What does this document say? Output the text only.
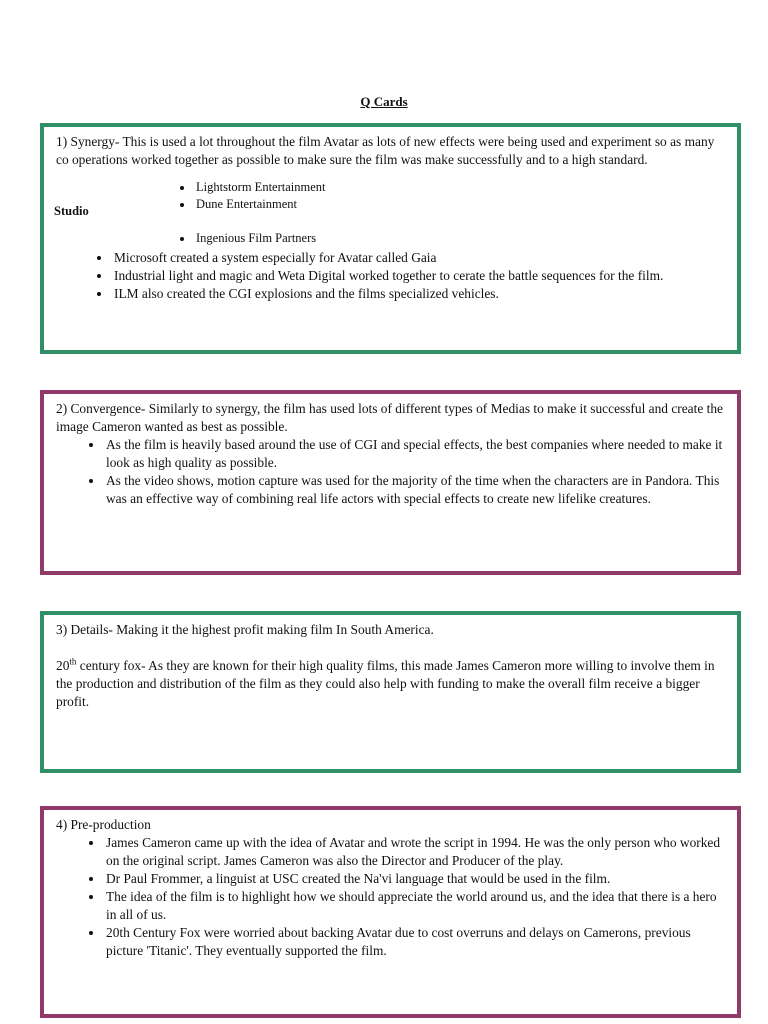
Q Cards

1) Synergy- This is used a lot throughout the film Avatar as lots of new effects were being used and experiment so as many co operations worked together as possible to make sure the film was make successfully and to a high standard.

Studio
• Lightstorm Entertainment
• Dune Entertainment
• Ingenious Film Partners
• Microsoft created a system especially for Avatar called Gaia
• Industrial light and magic and Weta Digital worked together to cerate the battle sequences for the film.
• ILM also created the CGI explosions and the films specialized vehicles.

2) Convergence- Similarly to synergy, the film has used lots of different types of Medias to make it successful and create the image Cameron wanted as best as possible.

• As the film is heavily based around the use of CGI and special effects, the best companies where needed to make it look as high quality as possible.
• As the video shows, motion capture was used for the majority of the time when the characters are in Pandora. This was an effective way of combining real life actors with special effects to create new lifelike creatures.

3) Details- Making it the highest profit making film In South America.

20th century fox- As they are known for their high quality films, this made James Cameron more willing to involve them in the production and distribution of the film as they could also help with funding to make the overall film receive a bigger profit.

4) Pre-production

• James Cameron came up with the idea of Avatar and wrote the script in 1994. He was the only person who worked on the original script. James Cameron was also the Director and Producer of the play.
• Dr Paul Frommer, a linguist at USC created the Na'vi language that would be used in the film.
• The idea of the film is to highlight how we should appreciate the world around us, and the idea that there is a hero in all of us.
• 20th Century Fox were worried about backing Avatar due to cost overruns and delays on Camerons, previous picture 'Titanic'. They eventually supported the film.
